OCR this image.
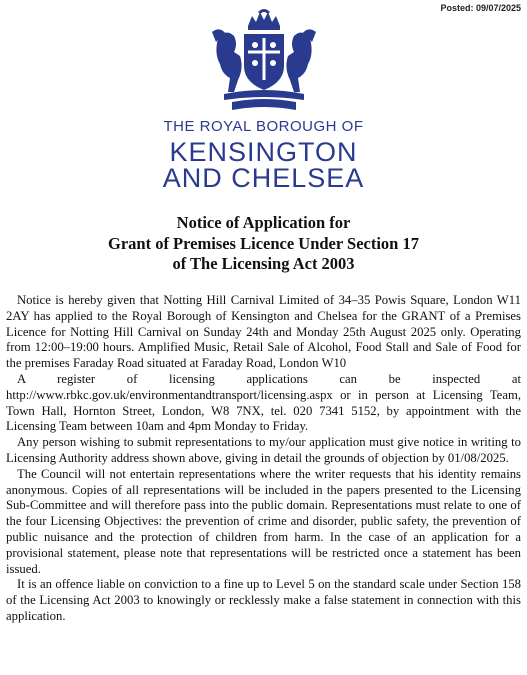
Posted: 09/07/2025
THE ROYAL BOROUGH OF
KENSINGTON
AND CHELSEA
Notice of Application for
Grant of Premises Licence Under Section 17
of The Licensing Act 2003

Notice is hereby given that Notting Hill Carnival Limited of 34–35 Powis Square, London W11 2AY has applied to the Royal Borough of Kensington and Chelsea for the GRANT of a Premises Licence for Notting Hill Carnival on Sunday 24th and Monday 25th August 2025 only. Operating from 12:00–19:00 hours. Amplified Music, Retail Sale of Alcohol, Food Stall and Sale of Food for the premises Faraday Road situated at Faraday Road, London W10

A register of licensing applications can be inspected at http://www.rbkc.gov.uk/environmentandtransport/licensing.aspx or in person at Licensing Team, Town Hall, Hornton Street, London, W8 7NX, tel. 020 7341 5152, by appointment with the Licensing Team between 10am and 4pm Monday to Friday.

Any person wishing to submit representations to my/our application must give notice in writing to Licensing Authority address shown above, giving in detail the grounds of objection by 01/08/2025.

The Council will not entertain representations where the writer requests that his identity remains anonymous. Copies of all representations will be included in the papers presented to the Licensing Sub-Committee and will therefore pass into the public domain. Representations must relate to one of the four Licensing Objectives: the prevention of crime and disorder, public safety, the prevention of public nuisance and the protection of children from harm. In the case of an application for a provisional statement, please note that representations will be restricted once a statement has been issued.

It is an offence liable on conviction to a fine up to Level 5 on the standard scale under Section 158 of the Licensing Act 2003 to knowingly or recklessly make a false statement in connection with this application.
